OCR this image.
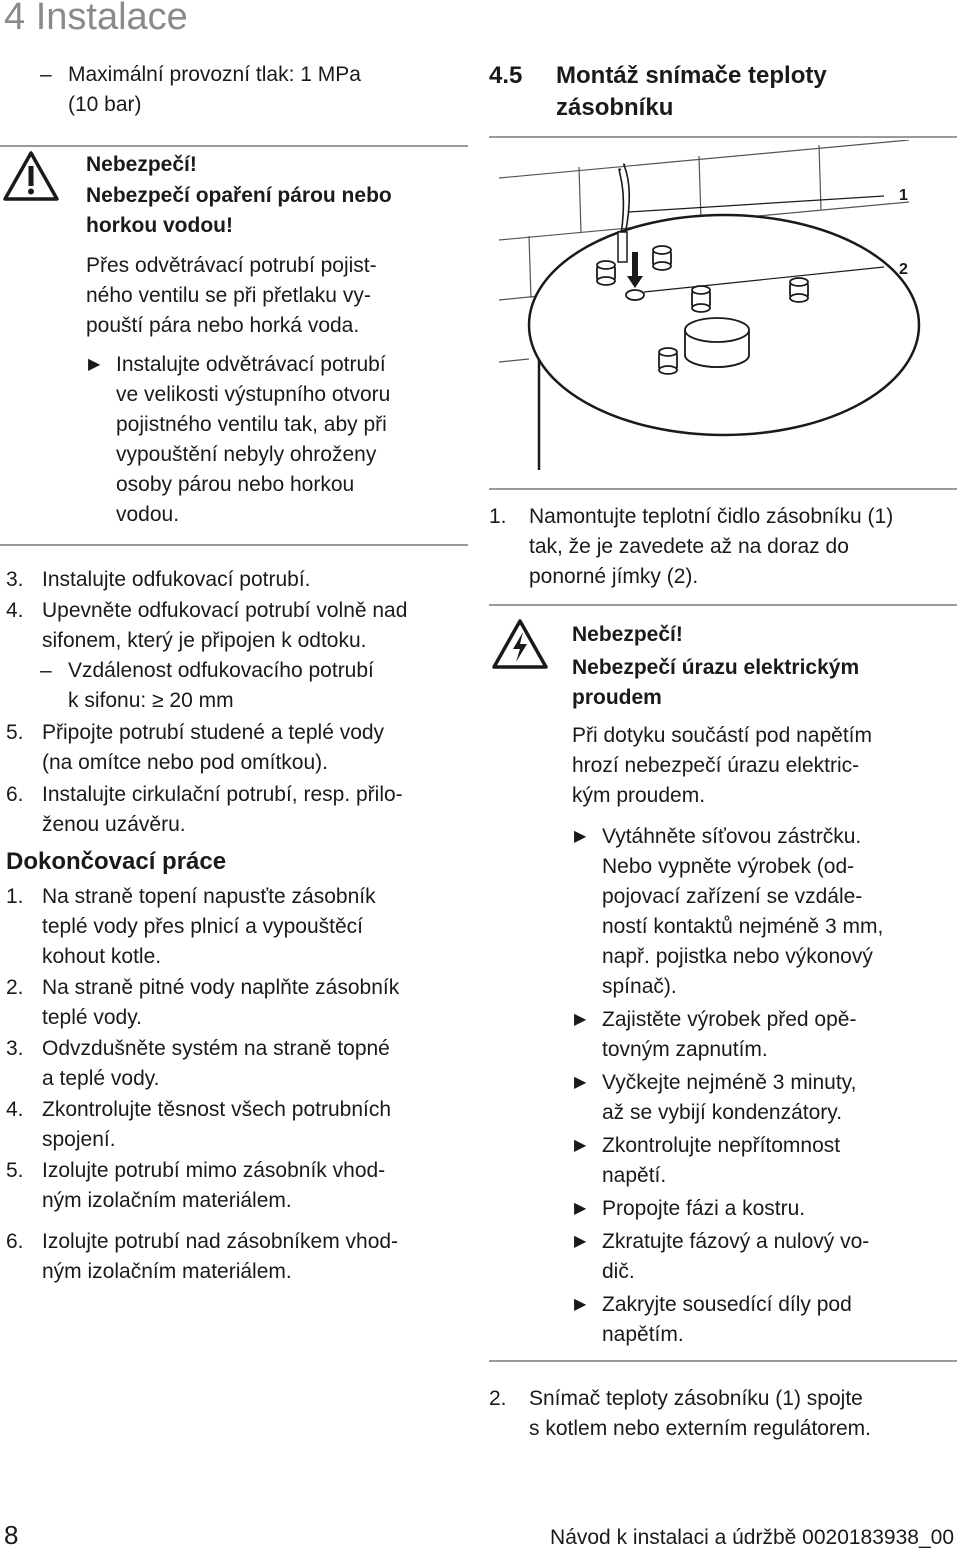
4 Instalace
– Maximální provozní tlak: 1 MPa
(10 bar)
Nebezpečí!
Nebezpečí opaření párou nebo
horkou vodou!
Přes odvětrávací potrubí pojist-
ného ventilu se při přetlaku vy-
pouští pára nebo horká voda.
▶ Instalujte odvětrávací potrubí
ve velikosti výstupního otvoru
pojistného ventilu tak, aby při
vypouštění nebyly ohroženy
osoby párou nebo horkou
vodou.
3. Instalujte odfukovací potrubí.
4. Upevněte odfukovací potrubí volně nad
sifonem, který je připojen k odtoku.
– Vzdálenost odfukovacího potrubí
k sifonu: ≥ 20 mm
5. Připojte potrubí studené a teplé vody
(na omítce nebo pod omítkou).
6. Instalujte cirkulační potrubí, resp. přilo-
ženou uzávěru.
Dokončovací práce
1. Na straně topení napusťte zásobník
teplé vody přes plnicí a vypouštěcí
kohout kotle.
2. Na straně pitné vody naplňte zásobník
teplé vody.
3. Odvzdušněte systém na straně topné
a teplé vody.
4. Zkontrolujte těsnost všech potrubních
spojení.
5. Izolujte potrubí mimo zásobník vhod-
ným izolačním materiálem.
6. Izolujte potrubí nad zásobníkem vhod-
ným izolačním materiálem.
4.5 Montáž snímače teploty
zásobníku
1
2
1.	Namontujte teplotní čidlo zásobníku (1)
tak, že je zavedete až na doraz do
ponorné jímky (2).
Nebezpečí!
Nebezpečí úrazu elektrickým
proudem
Při dotyku součástí pod napětím
hrozí nebezpečí úrazu elektric-
kým proudem.
▶ Vytáhněte síťovou zástrčku.
Nebo vypněte výrobek (od-
pojovací zařízení se vzdále-
ností kontaktů nejméně 3 mm,
např. pojistka nebo výkonový
spínač).
▶ Zajistěte výrobek před opě-
tovným zapnutím.
▶ Vyčkejte nejméně 3 minuty,
až se vybijí kondenzátory.
▶ Zkontrolujte nepřítomnost
napětí.
▶ Propojte fázi a kostru.
▶ Zkratujte fázový a nulový vo-
dič.
▶ Zakryjte sousedící díly pod
napětím.
2.	Snímač teploty zásobníku (1) spojte
s kotlem nebo externím regulátorem.
8	Návod k instalaci a údržbě 0020183938_00
